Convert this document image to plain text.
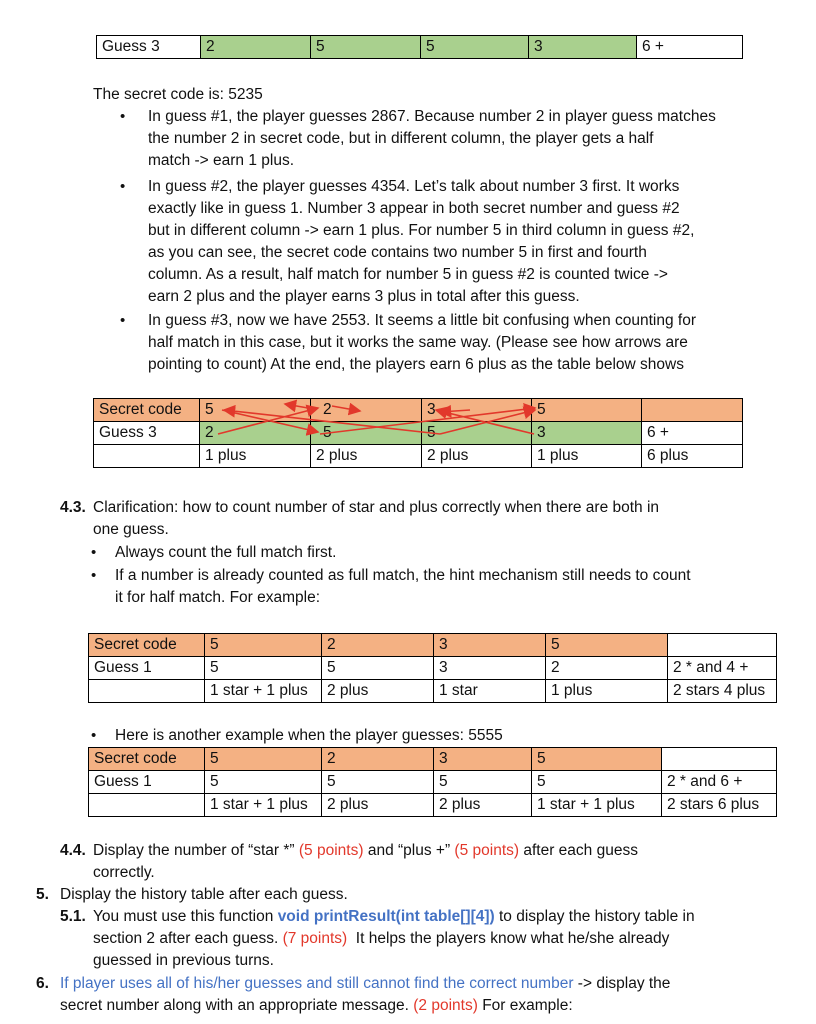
Guess 3	2	5	5	3	6 +
The secret code is: 5235
• In guess #1, the player guesses 2867. Because number 2 in player guess matches
the number 2 in secret code, but in different column, the player gets a half
match -> earn 1 plus.
• In guess #2, the player guesses 4354. Let’s talk about number 3 first. It works
exactly like in guess 1. Number 3 appear in both secret number and guess #2
but in different column -> earn 1 plus. For number 5 in third column in guess #2,
as you can see, the secret code contains two number 5 in first and fourth
column. As a result, half match for number 5 in guess #2 is counted twice ->
earn 2 plus and the player earns 3 plus in total after this guess.
• In guess #3, now we have 2553. It seems a little bit confusing when counting for
half match in this case, but it works the same way. (Please see how arrows are
pointing to count) At the end, the players earn 6 plus as the table below shows
Secret code	5	2	3	5	
Guess 3	2	5	5	3	6 +
	1 plus	2 plus	2 plus	1 plus	6 plus
4.3. Clarification: how to count number of star and plus correctly when there are both in
one guess.
• Always count the full match first.
• If a number is already counted as full match, the hint mechanism still needs to count
it for half match. For example:
Secret code	5	2	3	5	
Guess 1	5	5	3	2	2 * and 4 +
	1 star + 1 plus	2 plus	1 star	1 plus	2 stars 4 plus
• Here is another example when the player guesses: 5555
Secret code	5	2	3	5	
Guess 1	5	5	5	5	2 * and 6 +
	1 star + 1 plus	2 plus	2 plus	1 star + 1 plus	2 stars 6 plus
4.4. Display the number of “star *” (5 points) and “plus +” (5 points) after each guess
correctly.
5. Display the history table after each guess.
5.1. You must use this function void printResult(int table[][4]) to display the history table in
section 2 after each guess. (7 points)  It helps the players know what he/she already
guessed in previous turns.
6. If player uses all of his/her guesses and still cannot find the correct number -> display the
secret number along with an appropriate message. (2 points) For example:
